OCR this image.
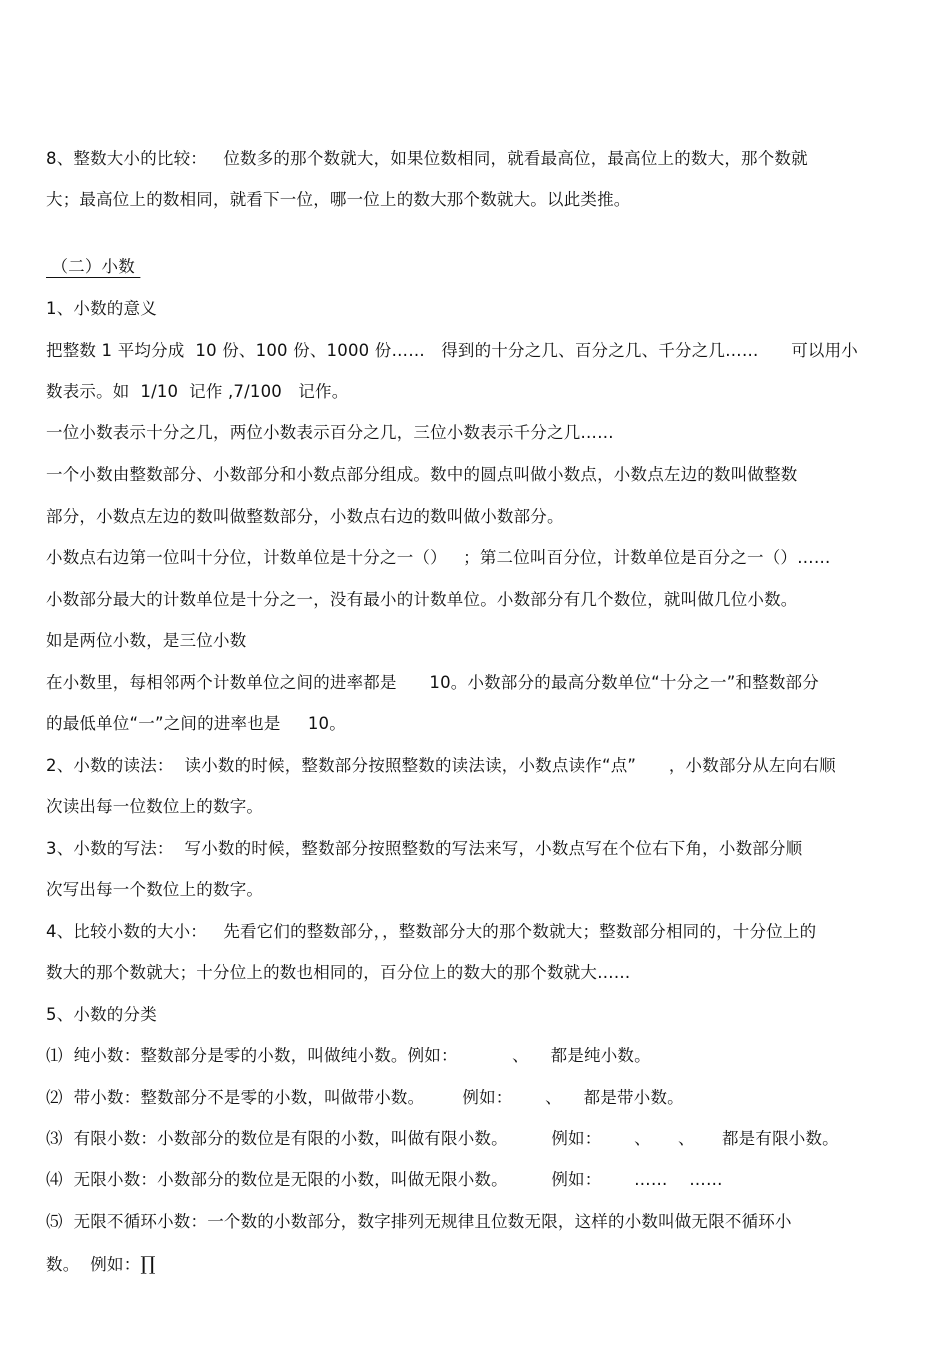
8、整数大小的比较：   位数多的那个数就大，如果位数相同，就看最高位，最高位上的数大，那个数就
大；最高位上的数相同，就看下一位，哪一位上的数大那个数就大。以此类推。
（二）小数
1、小数的意义
把整数 1 平均分成  10 份、100 份、1000 份……   得到的十分之几、百分之几、千分之几……      可以用小
数表示。如  1/10  记作 ,7/100   记作。
一位小数表示十分之几，两位小数表示百分之几，三位小数表示千分之几……
一个小数由整数部分、小数部分和小数点部分组成。数中的圆点叫做小数点，小数点左边的数叫做整数
部分，小数点左边的数叫做整数部分，小数点右边的数叫做小数部分。
小数点右边第一位叫十分位，计数单位是十分之一（）   ；第二位叫百分位，计数单位是百分之一（）……
小数部分最大的计数单位是十分之一，没有最小的计数单位。小数部分有几个数位，就叫做几位小数。
如是两位小数，是三位小数
在小数里，每相邻两个计数单位之间的进率都是      10。小数部分的最高分数单位“十分之一”和整数部分
的最低单位“一”之间的进率也是     10。
2、小数的读法：  读小数的时候，整数部分按照整数的读法读，小数点读作“点”      ，小数部分从左向右顺
次读出每一位数位上的数字。
3、小数的写法：  写小数的时候，整数部分按照整数的写法来写，小数点写在个位右下角，小数部分顺
次写出每一个数位上的数字。
4、比较小数的大小：   先看它们的整数部分，，整数部分大的那个数就大；整数部分相同的，十分位上的
数大的那个数就大；十分位上的数也相同的，百分位上的数大的那个数就大……
5、小数的分类
⑴  纯小数：整数部分是零的小数，叫做纯小数。例如：          、    都是纯小数。
⑵  带小数：整数部分不是零的小数，叫做带小数。       例如：      、    都是带小数。
⑶  有限小数：小数部分的数位是有限的小数，叫做有限小数。        例如：      、     、     都是有限小数。
⑷  无限小数：小数部分的数位是无限的小数，叫做无限小数。        例如：      ……    ……
⑸  无限不循环小数：一个数的小数部分，数字排列无规律且位数无限，这样的小数叫做无限不循环小
数。  例如：∏
